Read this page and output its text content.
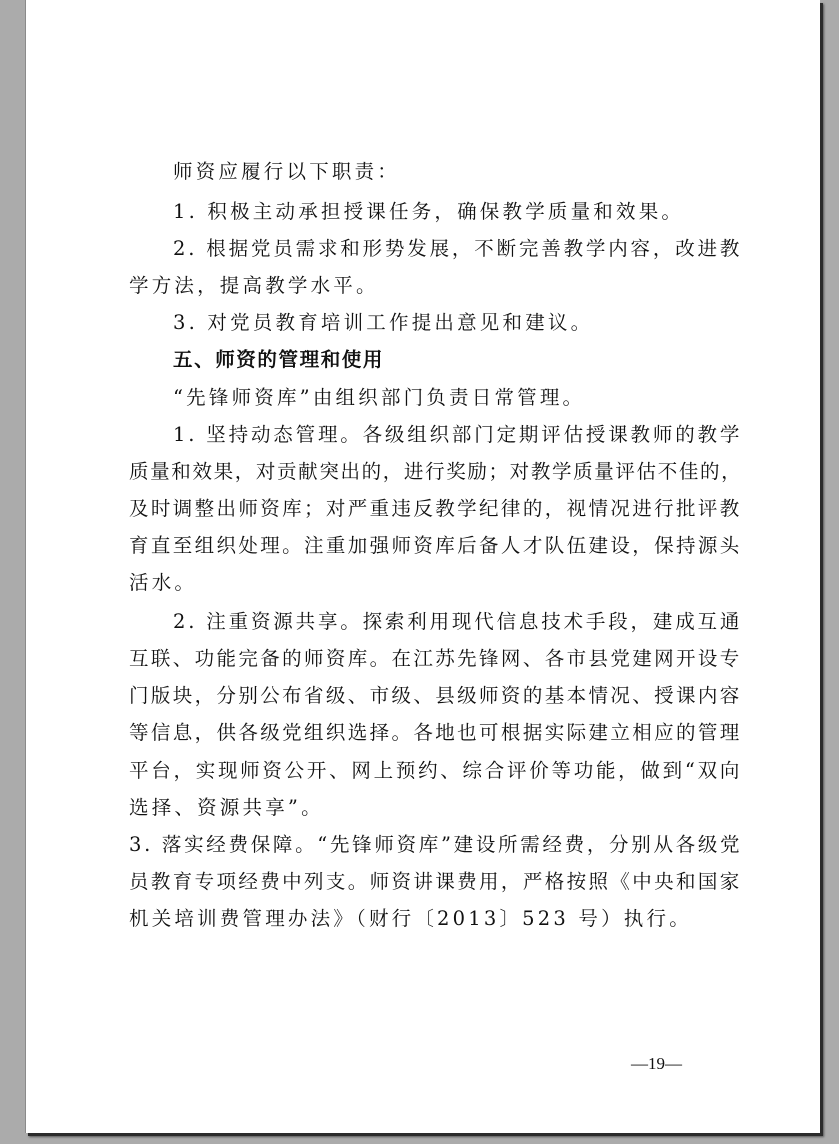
师资应履行以下职责：
1. 积极主动承担授课任务，确保教学质量和效果。
2. 根据党员需求和形势发展，不断完善教学内容，改进教
学方法，提高教学水平。
3. 对党员教育培训工作提出意见和建议。
五、师资的管理和使用
“先锋师资库”由组织部门负责日常管理。
1. 坚持动态管理。各级组织部门定期评估授课教师的教学
质量和效果，对贡献突出的，进行奖励；对教学质量评估不佳的，
及时调整出师资库；对严重违反教学纪律的，视情况进行批评教
育直至组织处理。注重加强师资库后备人才队伍建设，保持源头
活水。
2. 注重资源共享。探索利用现代信息技术手段，建成互通
互联、功能完备的师资库。在江苏先锋网、各市县党建网开设专
门版块，分别公布省级、市级、县级师资的基本情况、授课内容
等信息，供各级党组织选择。各地也可根据实际建立相应的管理
平台，实现师资公开、网上预约、综合评价等功能，做到“双向
选择、资源共享”。
3. 落实经费保障。“先锋师资库”建设所需经费，分别从各级党
员教育专项经费中列支。师资讲课费用，严格按照《中央和国家
机关培训费管理办法》（财行〔2013〕523 号）执行。
—19—
